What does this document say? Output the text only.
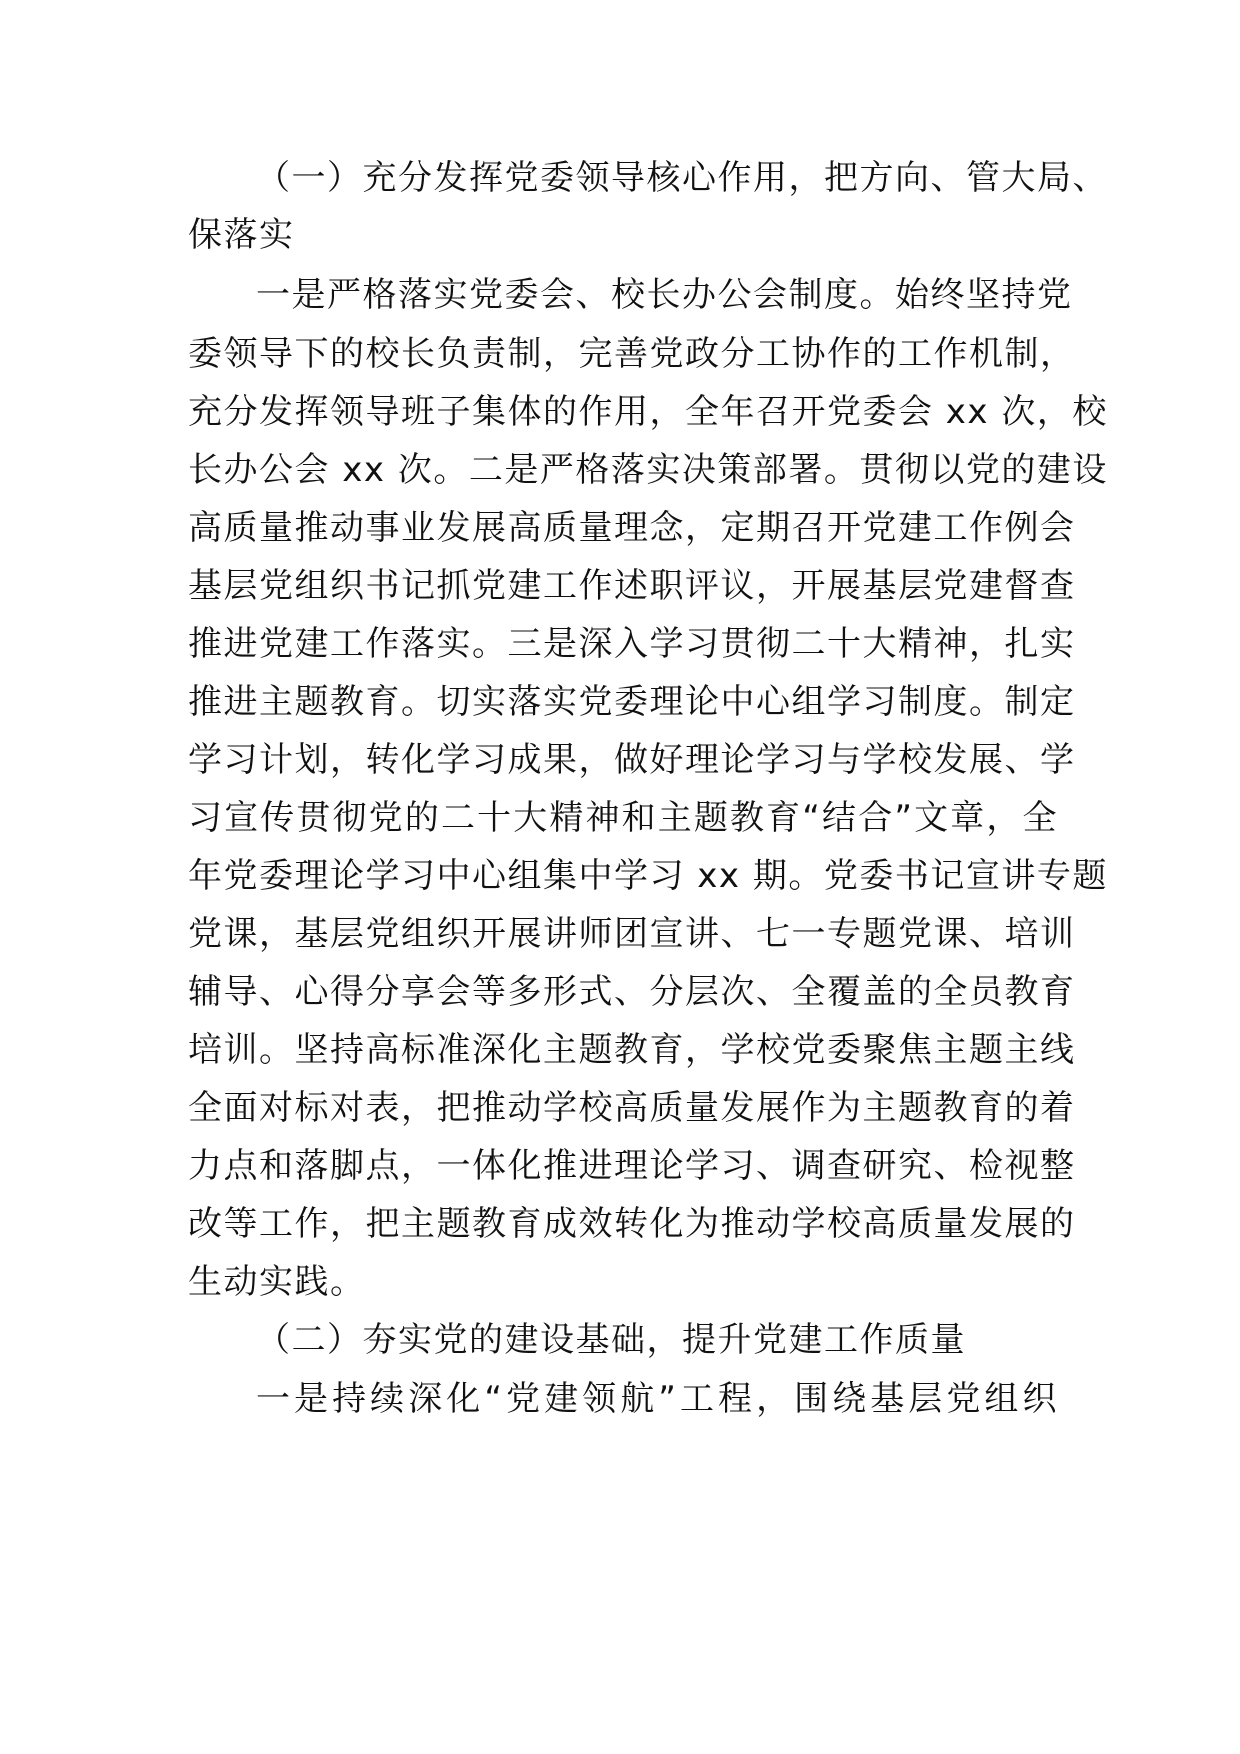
（一）充分发挥党委领导核心作用，把方向、管大局、
保落实
一是严格落实党委会、校长办公会制度。始终坚持党
委领导下的校长负责制，完善党政分工协作的工作机制，
充分发挥领导班子集体的作用，全年召开党委会 xx 次，校
长办公会 xx 次。二是严格落实决策部署。贯彻以党的建设
高质量推动事业发展高质量理念，定期召开党建工作例会
基层党组织书记抓党建工作述职评议，开展基层党建督查
推进党建工作落实。三是深入学习贯彻二十大精神，扎实
推进主题教育。切实落实党委理论中心组学习制度。制定
学习计划，转化学习成果，做好理论学习与学校发展、学
习宣传贯彻党的二十大精神和主题教育“结合”文章，全
年党委理论学习中心组集中学习 xx 期。党委书记宣讲专题
党课，基层党组织开展讲师团宣讲、七一专题党课、培训
辅导、心得分享会等多形式、分层次、全覆盖的全员教育
培训。坚持高标准深化主题教育，学校党委聚焦主题主线
全面对标对表，把推动学校高质量发展作为主题教育的着
力点和落脚点，一体化推进理论学习、调查研究、检视整
改等工作，把主题教育成效转化为推动学校高质量发展的
生动实践。
（二）夯实党的建设基础，提升党建工作质量
一是持续深化“党建领航”工程，围绕基层党组织
